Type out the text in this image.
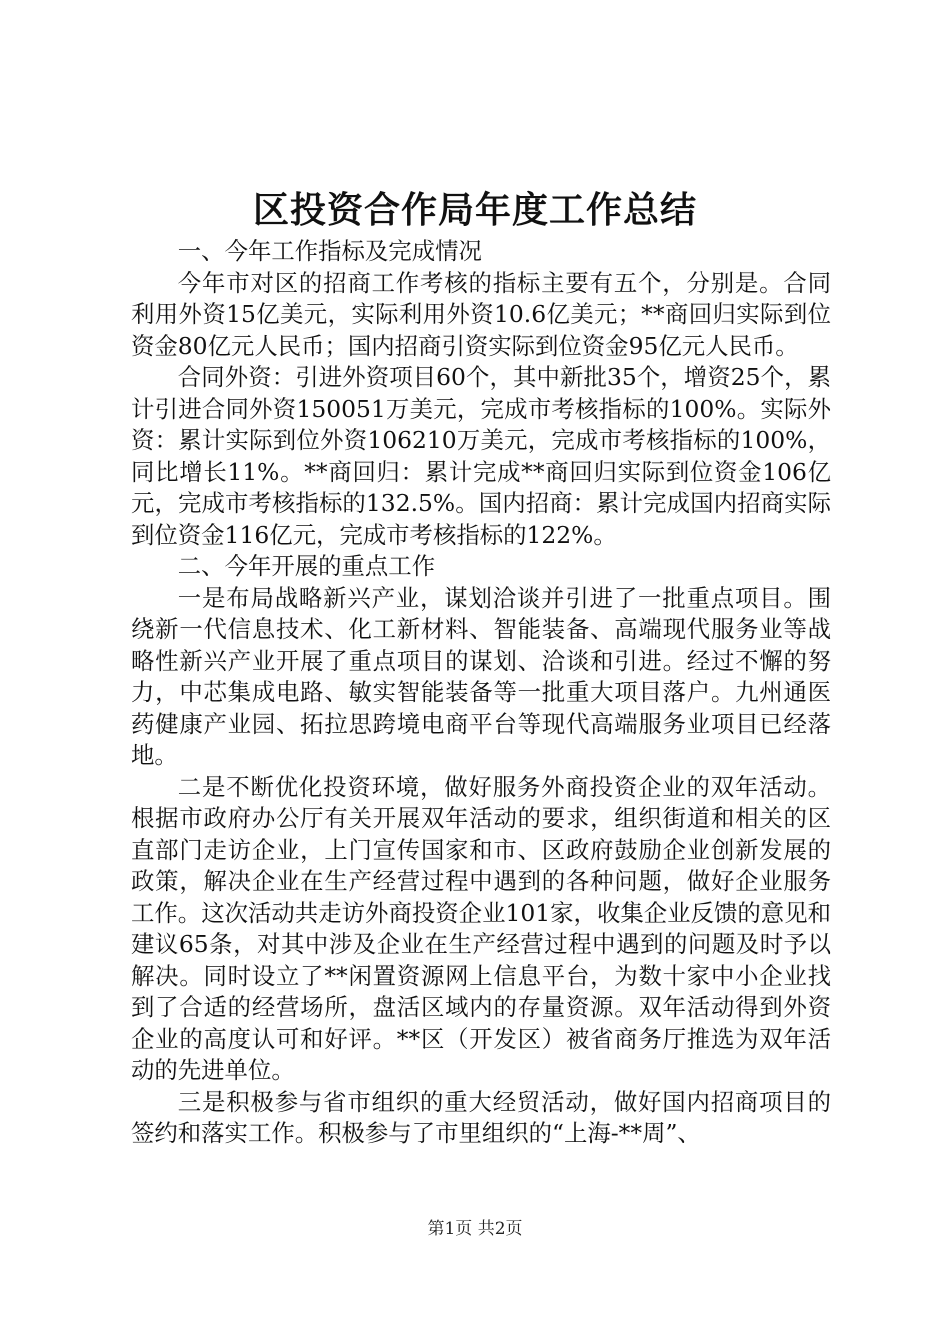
区投资合作局年度工作总结

一、今年工作指标及完成情况

今年市对区的招商工作考核的指标主要有五个，分别是。合同利用外资15亿美元，实际利用外资10.6亿美元；**商回归实际到位资金80亿元人民币；国内招商引资实际到位资金95亿元人民币。

合同外资：引进外资项目60个，其中新批35个，增资25个，累计引进合同外资150051万美元，完成市考核指标的100%。实际外资：累计实际到位外资106210万美元，完成市考核指标的100%，同比增长11%。**商回归：累计完成**商回归实际到位资金106亿元，完成市考核指标的132.5%。国内招商：累计完成国内招商实际到位资金116亿元，完成市考核指标的122%。

二、今年开展的重点工作

一是布局战略新兴产业，谋划洽谈并引进了一批重点项目。围绕新一代信息技术、化工新材料、智能装备、高端现代服务业等战略性新兴产业开展了重点项目的谋划、洽谈和引进。经过不懈的努力，中芯集成电路、敏实智能装备等一批重大项目落户。九州通医药健康产业园、拓拉思跨境电商平台等现代高端服务业项目已经落地。

二是不断优化投资环境，做好服务外商投资企业的双年活动。根据市政府办公厅有关开展双年活动的要求，组织街道和相关的区直部门走访企业，上门宣传国家和市、区政府鼓励企业创新发展的政策，解决企业在生产经营过程中遇到的各种问题，做好企业服务工作。这次活动共走访外商投资企业101家，收集企业反馈的意见和建议65条，对其中涉及企业在生产经营过程中遇到的问题及时予以解决。同时设立了**闲置资源网上信息平台，为数十家中小企业找到了合适的经营场所，盘活区域内的存量资源。双年活动得到外资企业的高度认可和好评。**区（开发区）被省商务厅推选为双年活动的先进单位。

三是积极参与省市组织的重大经贸活动，做好国内招商项目的签约和落实工作。积极参与了市里组织的“上海-**周”、

第1页 共2页
